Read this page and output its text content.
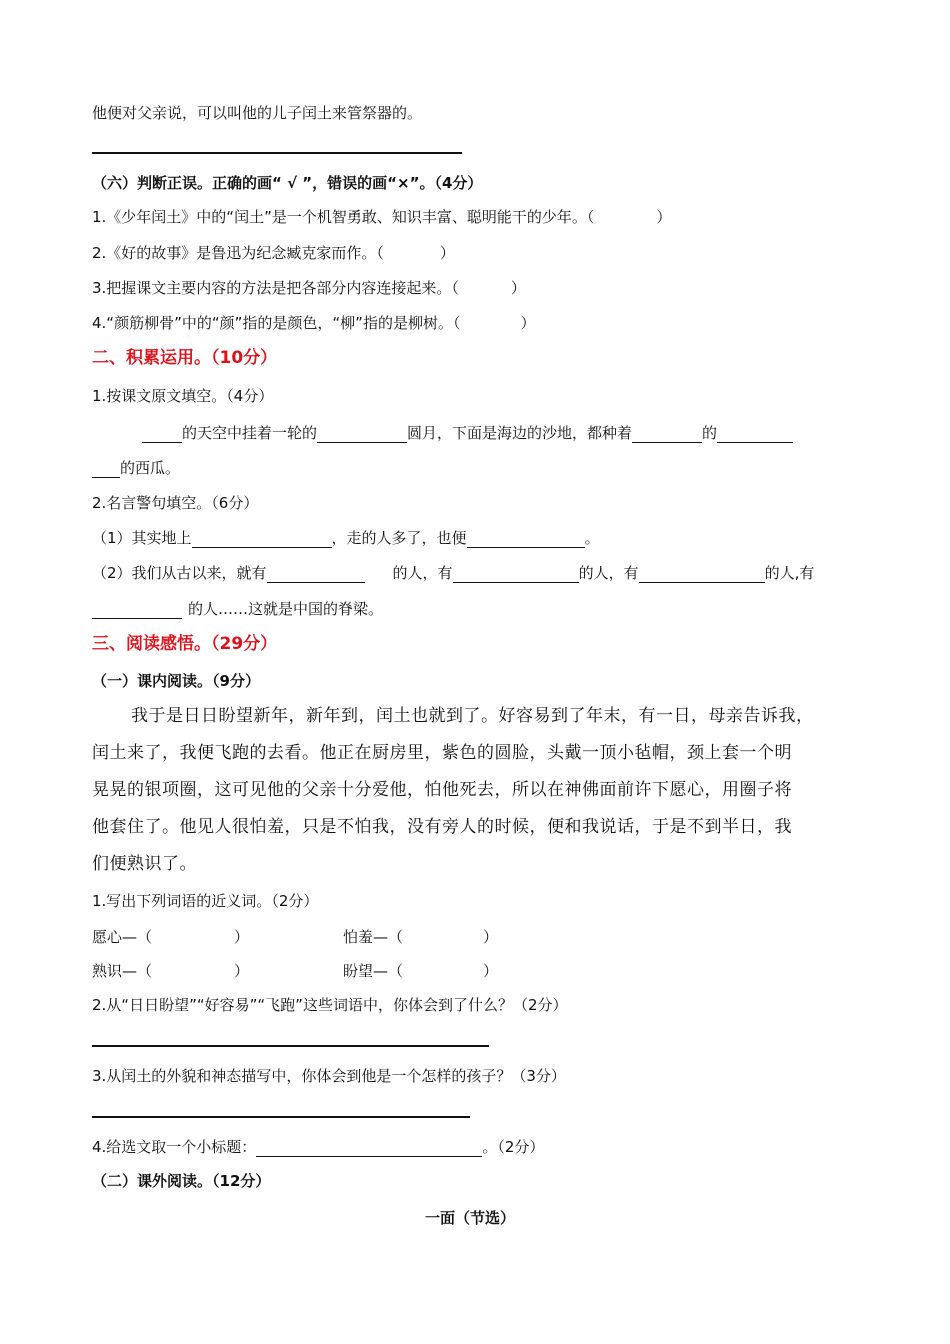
他便对父亲说，可以叫他的儿子闰土来管祭器的。
（六）判断正误。正确的画“ √ ”，错误的画“×”。（4分）
1.《少年闰土》中的“闰土”是一个机智勇敢、知识丰富、聪明能干的少年。（	）
2.《好的故事》是鲁迅为纪念臧克家而作。（	）
3.把握课文主要内容的方法是把各部分内容连接起来。（	）
4.“颜筋柳骨”中的“颜”指的是颜色，“柳”指的是柳树。（	）
二、积累运用。（10分）
1.按课文原文填空。（4分）
的天空中挂着一轮的	圆月，下面是海边的沙地，都种着	的
的西瓜。
2.名言警句填空。（6分）
（1）其实地上	，走的人多了，也便	。
（2）我们从古以来，就有	的人，有	的人，有	的人,有
的人……这就是中国的脊梁。
三、阅读感悟。（29分）
（一）课内阅读。（9分）
我于是日日盼望新年，新年到，闰土也就到了。好容易到了年末，有一日，母亲告诉我，
闰土来了，我便飞跑的去看。他正在厨房里，紫色的圆脸，头戴一顶小毡帽，颈上套一个明
晃晃的银项圈，这可见他的父亲十分爱他，怕他死去，所以在神佛面前许下愿心，用圈子将
他套住了。他见人很怕羞，只是不怕我，没有旁人的时候，便和我说话，于是不到半日，我
们便熟识了。
1.写出下列词语的近义词。（2分）
愿心—（	）	怕羞—（	）
熟识—（	）	盼望—（	）
2.从“日日盼望”“好容易”“飞跑”这些词语中，你体会到了什么？（2分）
3.从闰土的外貌和神态描写中，你体会到他是一个怎样的孩子？（3分）
4.给选文取一个小标题：	。（2分）
（二）课外阅读。（12分）
一面（节选）
